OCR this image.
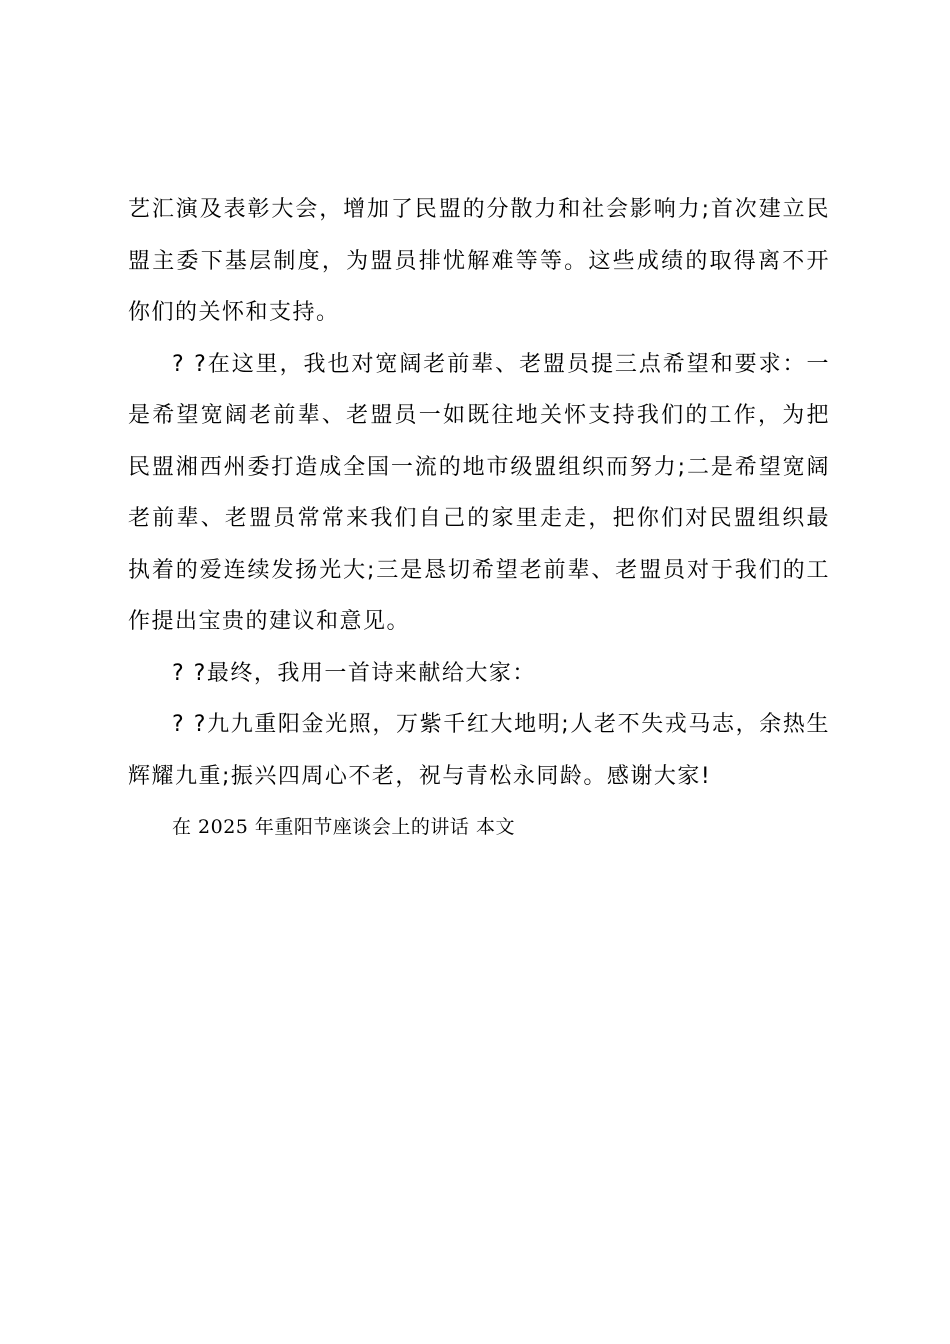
艺汇演及表彰大会，增加了民盟的分散力和社会影响力;首次建立民盟主委下基层制度，为盟员排忧解难等等。这些成绩的取得离不开你们的关怀和支持。

? ?在这里，我也对宽阔老前辈、老盟员提三点希望和要求：一是希望宽阔老前辈、老盟员一如既往地关怀支持我们的工作，为把民盟湘西州委打造成全国一流的地市级盟组织而努力;二是希望宽阔老前辈、老盟员常常来我们自己的家里走走，把你们对民盟组织最执着的爱连续发扬光大;三是恳切希望老前辈、老盟员对于我们的工作提出宝贵的建议和意见。

? ?最终，我用一首诗来献给大家：

? ?九九重阳金光照，万紫千红大地明;人老不失戎马志，余热生辉耀九重;振兴四周心不老，祝与青松永同龄。感谢大家!

在 2025 年重阳节座谈会上的讲话 本文
